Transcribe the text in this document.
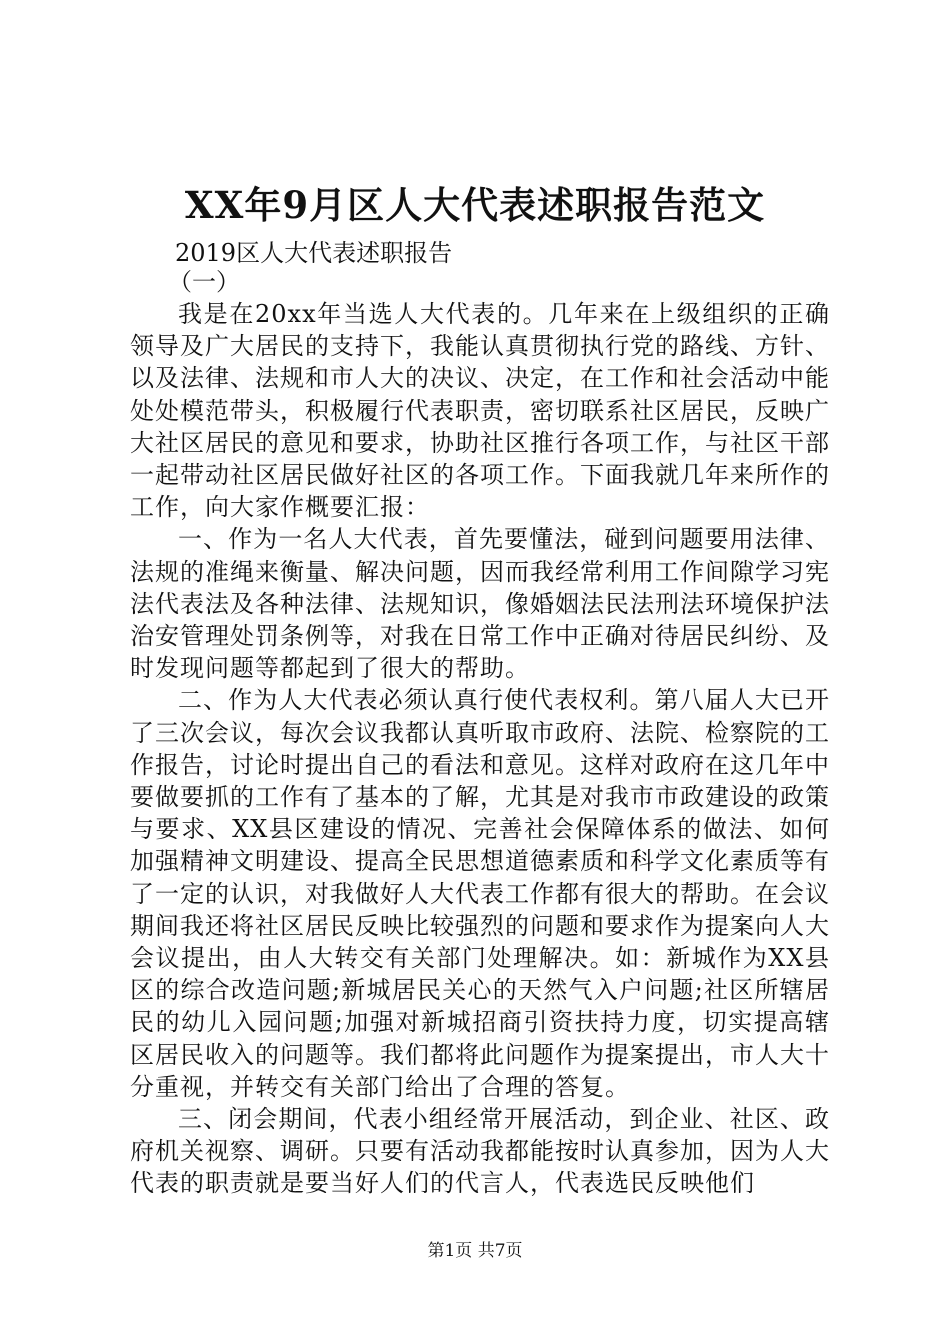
XX年9月区人大代表述职报告范文

2019区人大代表述职报告

（一）

我是在20xx年当选人大代表的。几年来在上级组织的正确领导及广大居民的支持下，我能认真贯彻执行党的路线、方针、以及法律、法规和市人大的决议、决定，在工作和社会活动中能处处模范带头，积极履行代表职责，密切联系社区居民，反映广大社区居民的意见和要求，协助社区推行各项工作，与社区干部一起带动社区居民做好社区的各项工作。下面我就几年来所作的工作，向大家作概要汇报：

一、作为一名人大代表，首先要懂法，碰到问题要用法律、法规的准绳来衡量、解决问题，因而我经常利用工作间隙学习宪法代表法及各种法律、法规知识，像婚姻法民法刑法环境保护法治安管理处罚条例等，对我在日常工作中正确对待居民纠纷、及时发现问题等都起到了很大的帮助。

二、作为人大代表必须认真行使代表权利。第八届人大已开了三次会议，每次会议我都认真听取市政府、法院、检察院的工作报告，讨论时提出自己的看法和意见。这样对政府在这几年中要做要抓的工作有了基本的了解，尤其是对我市市政建设的政策与要求、XX县区建设的情况、完善社会保障体系的做法、如何加强精神文明建设、提高全民思想道德素质和科学文化素质等有了一定的认识，对我做好人大代表工作都有很大的帮助。在会议期间我还将社区居民反映比较强烈的问题和要求作为提案向人大会议提出，由人大转交有关部门处理解决。如：新城作为XX县区的综合改造问题;新城居民关心的天然气入户问题;社区所辖居民的幼儿入园问题;加强对新城招商引资扶持力度，切实提高辖区居民收入的问题等。我们都将此问题作为提案提出，市人大十分重视，并转交有关部门给出了合理的答复。

三、闭会期间，代表小组经常开展活动，到企业、社区、政府机关视察、调研。只要有活动我都能按时认真参加，因为人大代表的职责就是要当好人们的代言人，代表选民反映他们

第1页 共7页
